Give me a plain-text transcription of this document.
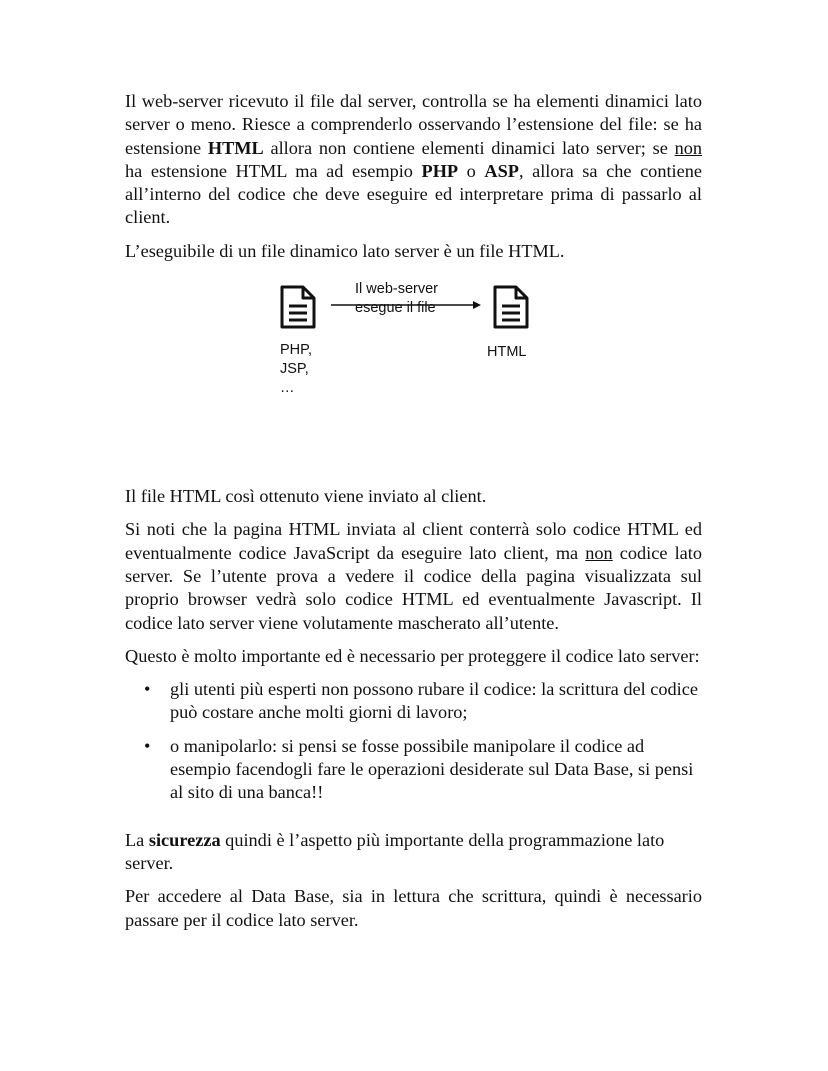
Il web-server ricevuto il file dal server, controlla se ha elementi dinamici lato server o meno. Riesce a comprenderlo osservando l’estensione del file: se ha estensione HTML allora non contiene elementi dinamici lato server; se non ha estensione HTML ma ad esempio PHP o ASP, allora sa che contiene all’interno del codice che deve eseguire ed interpretare prima di passarlo al client.

L’eseguibile di un file dinamico lato server è un file HTML.

Il web-server
esegue il file
PHP,
JSP,
…
HTML

Il file HTML così ottenuto viene inviato al client.

Si noti che la pagina HTML inviata al client conterrà solo codice HTML ed eventualmente codice JavaScript da eseguire lato client, ma non codice lato server. Se l’utente prova a vedere il codice della pagina visualizzata sul proprio browser vedrà solo codice HTML ed eventualmente Javascript. Il codice lato server viene volutamente mascherato all’utente.

Questo è molto importante ed è necessario per proteggere il codice lato server:

• gli utenti più esperti non possono rubare il codice: la scrittura del codice può costare anche molti giorni di lavoro;
• o manipolarlo: si pensi se fosse possibile manipolare il codice ad esempio facendogli fare le operazioni desiderate sul Data Base, si pensi al sito di una banca!!

La sicurezza quindi è l’aspetto più importante della programmazione lato server.

Per accedere al Data Base, sia in lettura che scrittura, quindi è necessario passare per il codice lato server.
